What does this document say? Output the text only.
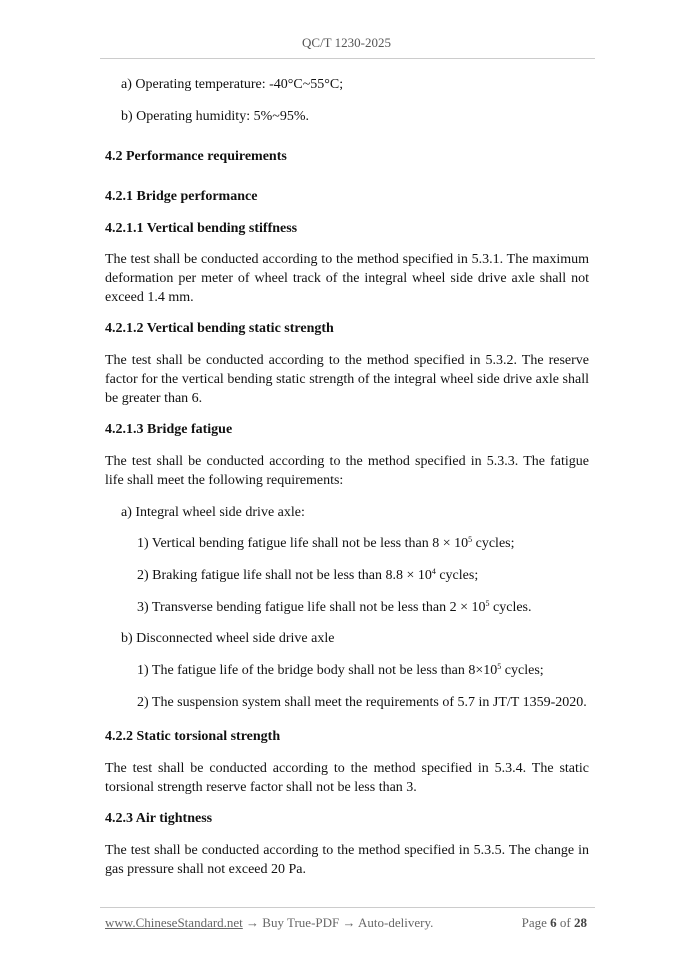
QC/T 1230-2025
a) Operating temperature: -40°C~55°C;
b) Operating humidity: 5%~95%.
4.2 Performance requirements
4.2.1 Bridge performance
4.2.1.1 Vertical bending stiffness
The test shall be conducted according to the method specified in 5.3.1. The maximum deformation per meter of wheel track of the integral wheel side drive axle shall not exceed 1.4 mm.
4.2.1.2 Vertical bending static strength
The test shall be conducted according to the method specified in 5.3.2. The reserve factor for the vertical bending static strength of the integral wheel side drive axle shall be greater than 6.
4.2.1.3 Bridge fatigue
The test shall be conducted according to the method specified in 5.3.3. The fatigue life shall meet the following requirements:
a) Integral wheel side drive axle:
1) Vertical bending fatigue life shall not be less than $8 \times 10^5$ cycles;
2) Braking fatigue life shall not be less than $8.8 \times 10^4$ cycles;
3) Transverse bending fatigue life shall not be less than $2 \times 10^5$ cycles.
b) Disconnected wheel side drive axle
1) The fatigue life of the bridge body shall not be less than $8\times 10^5$ cycles;
2) The suspension system shall meet the requirements of 5.7 in JT/T 1359-2020.
4.2.2 Static torsional strength
The test shall be conducted according to the method specified in 5.3.4. The static torsional strength reserve factor shall not be less than 3.
4.2.3 Air tightness
The test shall be conducted according to the method specified in 5.3.5. The change in gas pressure shall not exceed 20 Pa.
www.ChineseStandard.net → Buy True-PDF → Auto-delivery.	Page 6 of 28
